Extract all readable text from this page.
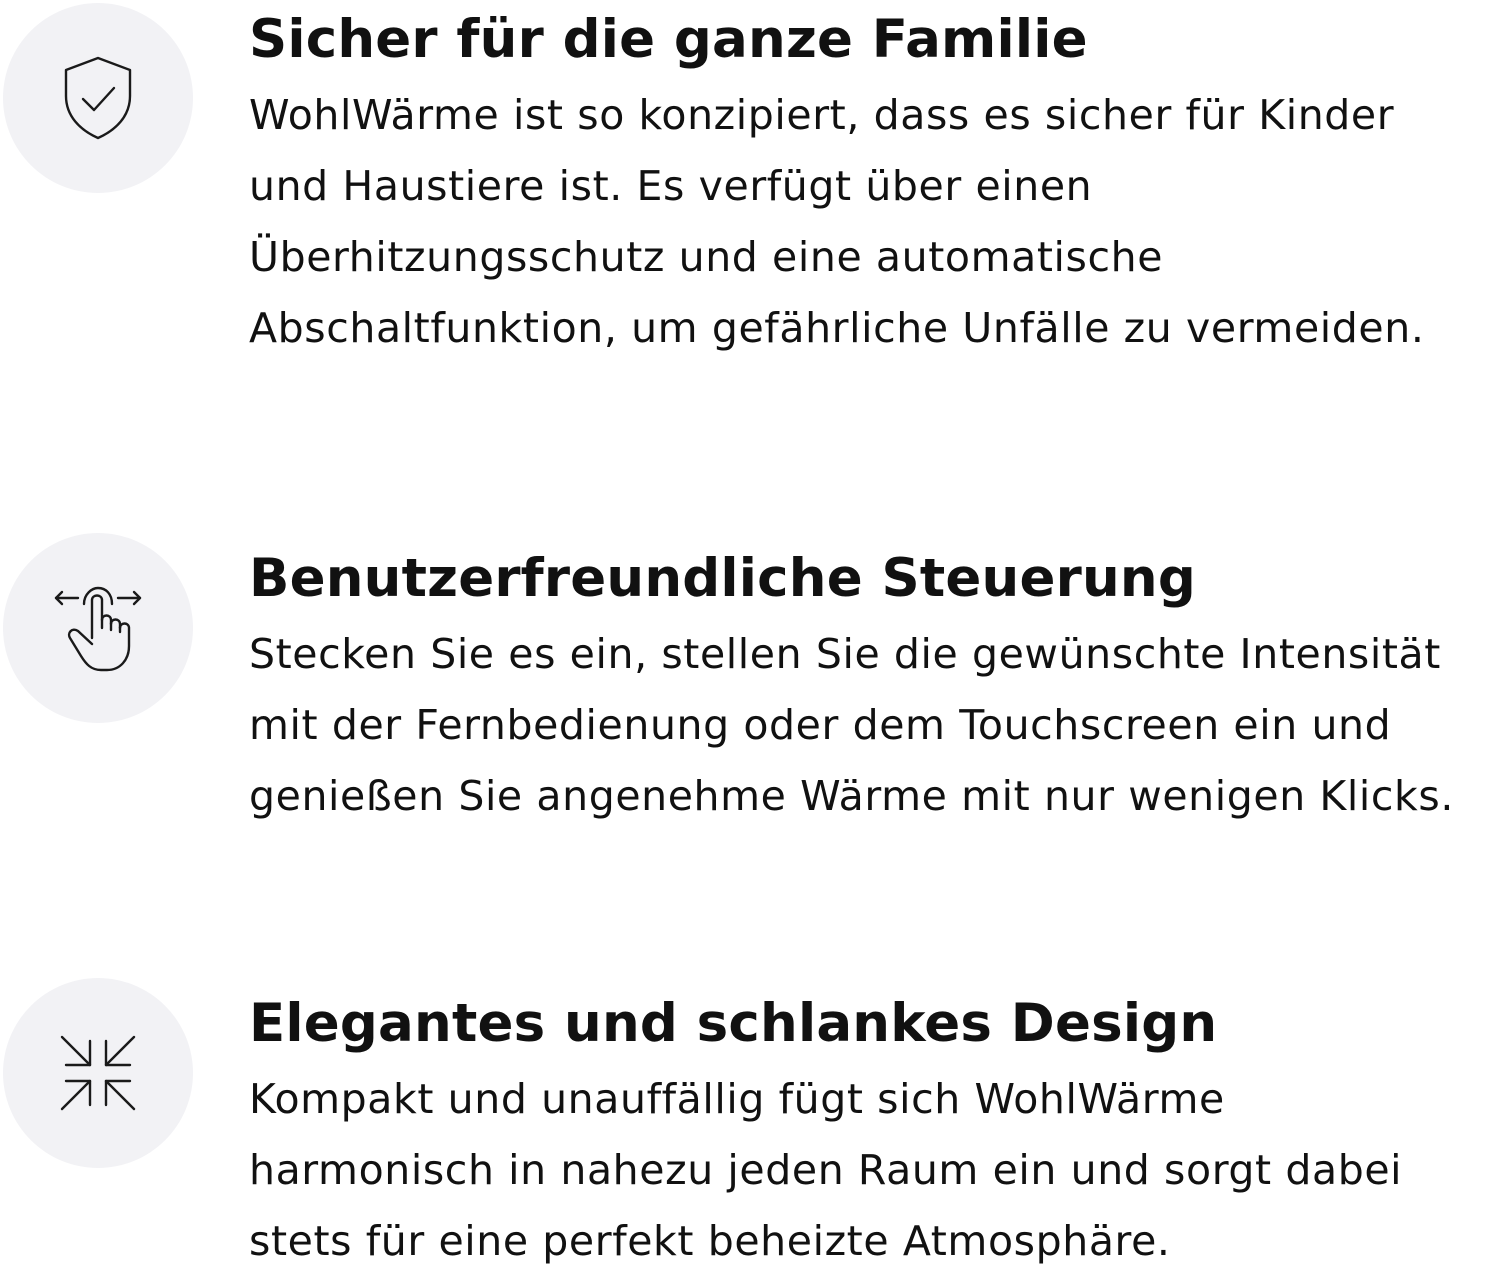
Sicher für die ganze Familie

WohlWärme ist so konzipiert, dass es sicher für Kinder und Haustiere ist. Es verfügt über einen Überhitzungsschutz und eine automatische Abschaltfunktion, um gefährliche Unfälle zu vermeiden.

Benutzerfreundliche Steuerung

Stecken Sie es ein, stellen Sie die gewünschte Intensität mit der Fernbedienung oder dem Touchscreen ein und genießen Sie angenehme Wärme mit nur wenigen Klicks.

Elegantes und schlankes Design

Kompakt und unauffällig fügt sich WohlWärme harmonisch in nahezu jeden Raum ein und sorgt dabei stets für eine perfekt beheizte Atmosphäre.
